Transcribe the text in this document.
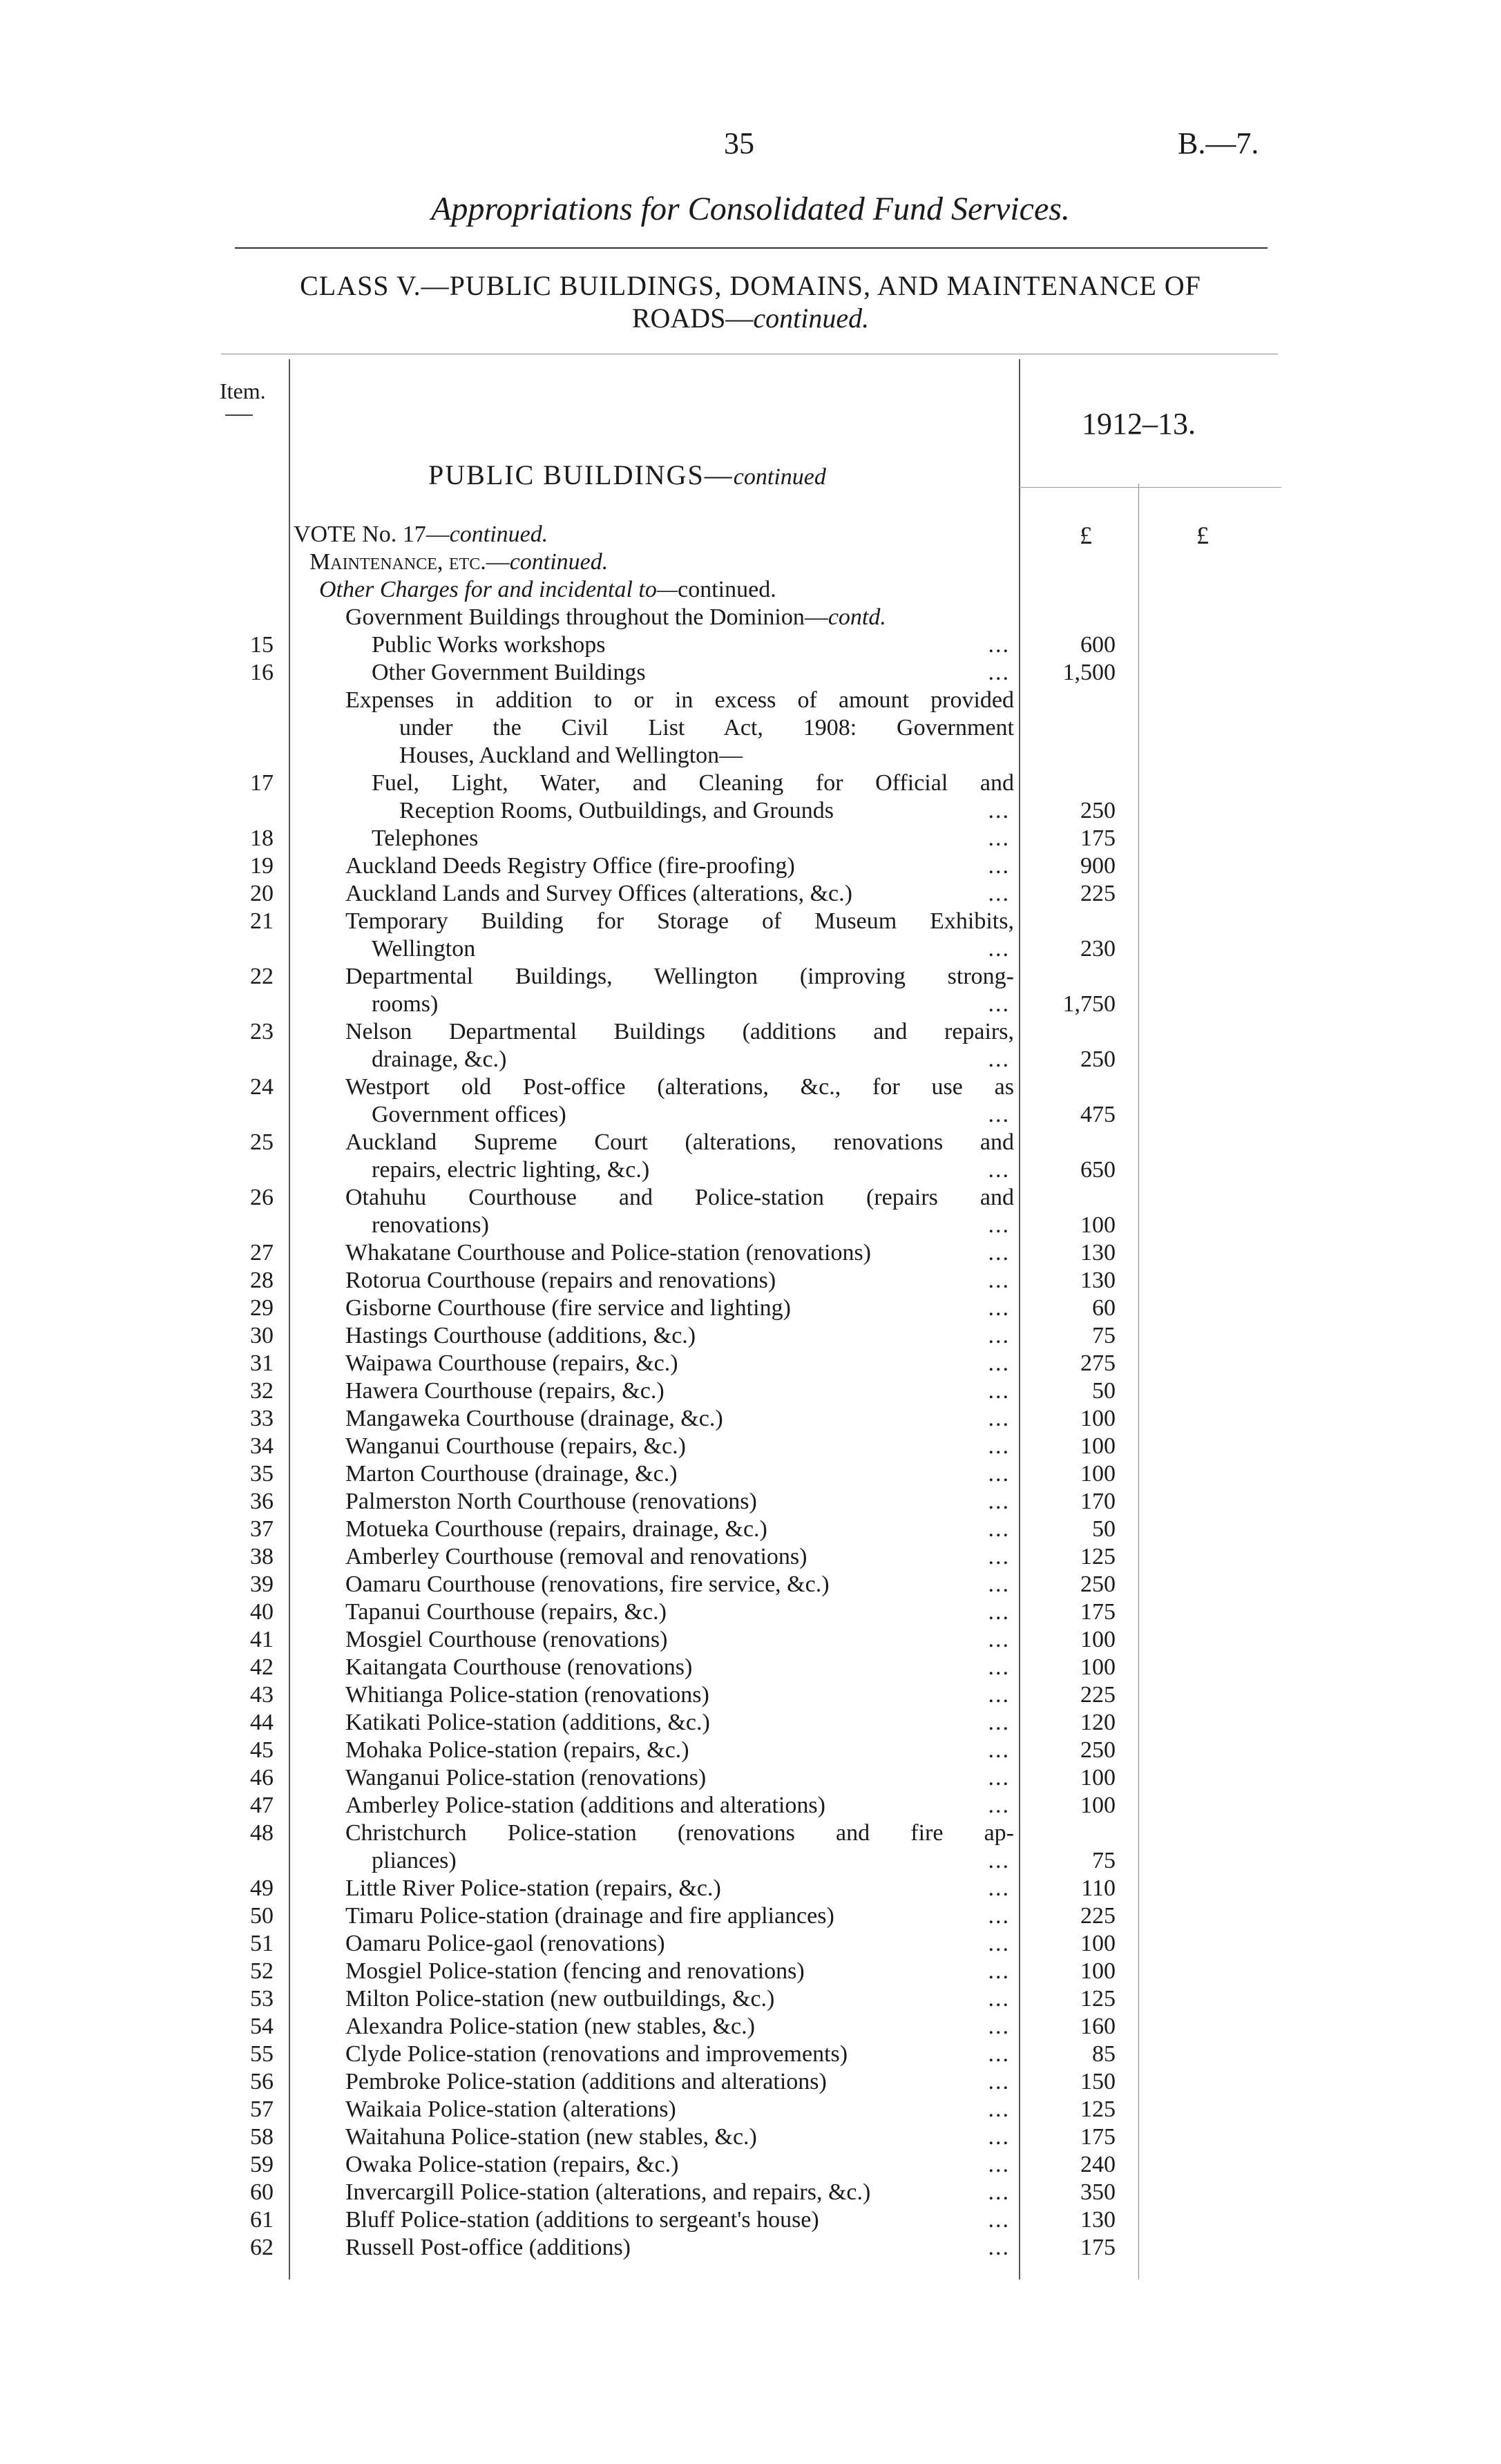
35	B.—7.
Appropriations for Consolidated Fund Services.
CLASS V.—PUBLIC BUILDINGS, DOMAINS, AND MAINTENANCE OF
ROADS—continued.
Item.
1912–13.
PUBLIC BUILDINGS—continued
£	£
VOTE No. 17—continued.
Maintenance, etc.—continued.
Other Charges for and incidental to—continued.
Government Buildings throughout the Dominion—contd.
15	Public Works workshops	...	600
16	Other Government Buildings	...	1,500
Expenses in addition to or in excess of amount provided
under the Civil List Act, 1908: Government
Houses, Auckland and Wellington—
17	Fuel, Light, Water, and Cleaning for Official and
Reception Rooms, Outbuildings, and Grounds	...	250
18	Telephones	...	175
19	Auckland Deeds Registry Office (fire-proofing)	...	900
20	Auckland Lands and Survey Offices (alterations, &c.)	...	225
21	Temporary Building for Storage of Museum Exhibits,
Wellington	...	230
22	Departmental Buildings, Wellington (improving strong-
rooms)	...	1,750
23	Nelson Departmental Buildings (additions and repairs,
drainage, &c.)	...	250
24	Westport old Post-office (alterations, &c., for use as
Government offices)	...	475
25	Auckland Supreme Court (alterations, renovations and
repairs, electric lighting, &c.)	...	650
26	Otahuhu Courthouse and Police-station (repairs and
renovations)	...	100
27	Whakatane Courthouse and Police-station (renovations)	...	130
28	Rotorua Courthouse (repairs and renovations)	...	130
29	Gisborne Courthouse (fire service and lighting)	...	60
30	Hastings Courthouse (additions, &c.)	...	75
31	Waipawa Courthouse (repairs, &c.)	...	275
32	Hawera Courthouse (repairs, &c.)	...	50
33	Mangaweka Courthouse (drainage, &c.)	...	100
34	Wanganui Courthouse (repairs, &c.)	...	100
35	Marton Courthouse (drainage, &c.)	...	100
36	Palmerston North Courthouse (renovations)	...	170
37	Motueka Courthouse (repairs, drainage, &c.)	...	50
38	Amberley Courthouse (removal and renovations)	...	125
39	Oamaru Courthouse (renovations, fire service, &c.)	...	250
40	Tapanui Courthouse (repairs, &c.)	...	175
41	Mosgiel Courthouse (renovations)	...	100
42	Kaitangata Courthouse (renovations)	...	100
43	Whitianga Police-station (renovations)	...	225
44	Katikati Police-station (additions, &c.)	...	120
45	Mohaka Police-station (repairs, &c.)	...	250
46	Wanganui Police-station (renovations)	...	100
47	Amberley Police-station (additions and alterations)	...	100
48	Christchurch Police-station (renovations and fire ap-
pliances)	...	75
49	Little River Police-station (repairs, &c.)	...	110
50	Timaru Police-station (drainage and fire appliances)	...	225
51	Oamaru Police-gaol (renovations)	...	100
52	Mosgiel Police-station (fencing and renovations)	...	100
53	Milton Police-station (new outbuildings, &c.)	...	125
54	Alexandra Police-station (new stables, &c.)	...	160
55	Clyde Police-station (renovations and improvements)	...	85
56	Pembroke Police-station (additions and alterations)	...	150
57	Waikaia Police-station (alterations)	...	125
58	Waitahuna Police-station (new stables, &c.)	...	175
59	Owaka Police-station (repairs, &c.)	...	240
60	Invercargill Police-station (alterations, and repairs, &c.)	...	350
61	Bluff Police-station (additions to sergeant's house)	...	130
62	Russell Post-office (additions)	...	175
